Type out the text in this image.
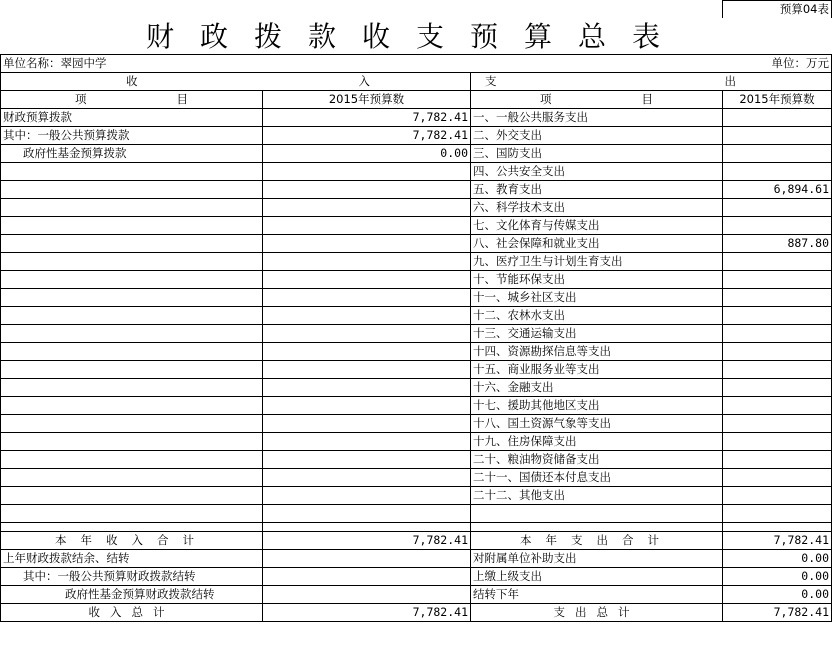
			预算04表
财政拨款收支预算总表			
单位名称：翠园中学			单位：万元
收	入	支	出
项 目	2015年预算数	项 目	2015年预算数
财政预算拨款	7,782.41	一、一般公共服务支出	
其中：一般公共预算拨款	7,782.41	二、外交支出	
政府性基金预算拨款	0.00	三、国防支出	
		四、公共安全支出	
		五、教育支出	6,894.61
		六、科学技术支出	
		七、文化体育与传媒支出	
		八、社会保障和就业支出	887.80
		九、医疗卫生与计划生育支出	
		十、节能环保支出	
		十一、城乡社区支出	
		十二、农林水支出	
		十三、交通运输支出	
		十四、资源勘探信息等支出	
		十五、商业服务业等支出	
		十六、金融支出	
		十七、援助其他地区支出	
		十八、国土资源气象等支出	
		十九、住房保障支出	
		二十、粮油物资储备支出	
		二十一、国债还本付息支出	
		二十二、其他支出	

本年收入合计	7,782.41	本年支出合计	7,782.41
上年财政拨款结余、结转		对附属单位补助支出	0.00
其中：一般公共预算财政拨款结转		上缴上级支出	0.00
政府性基金预算财政拨款结转		结转下年	0.00
收入总计	7,782.41	支出总计	7,782.41
